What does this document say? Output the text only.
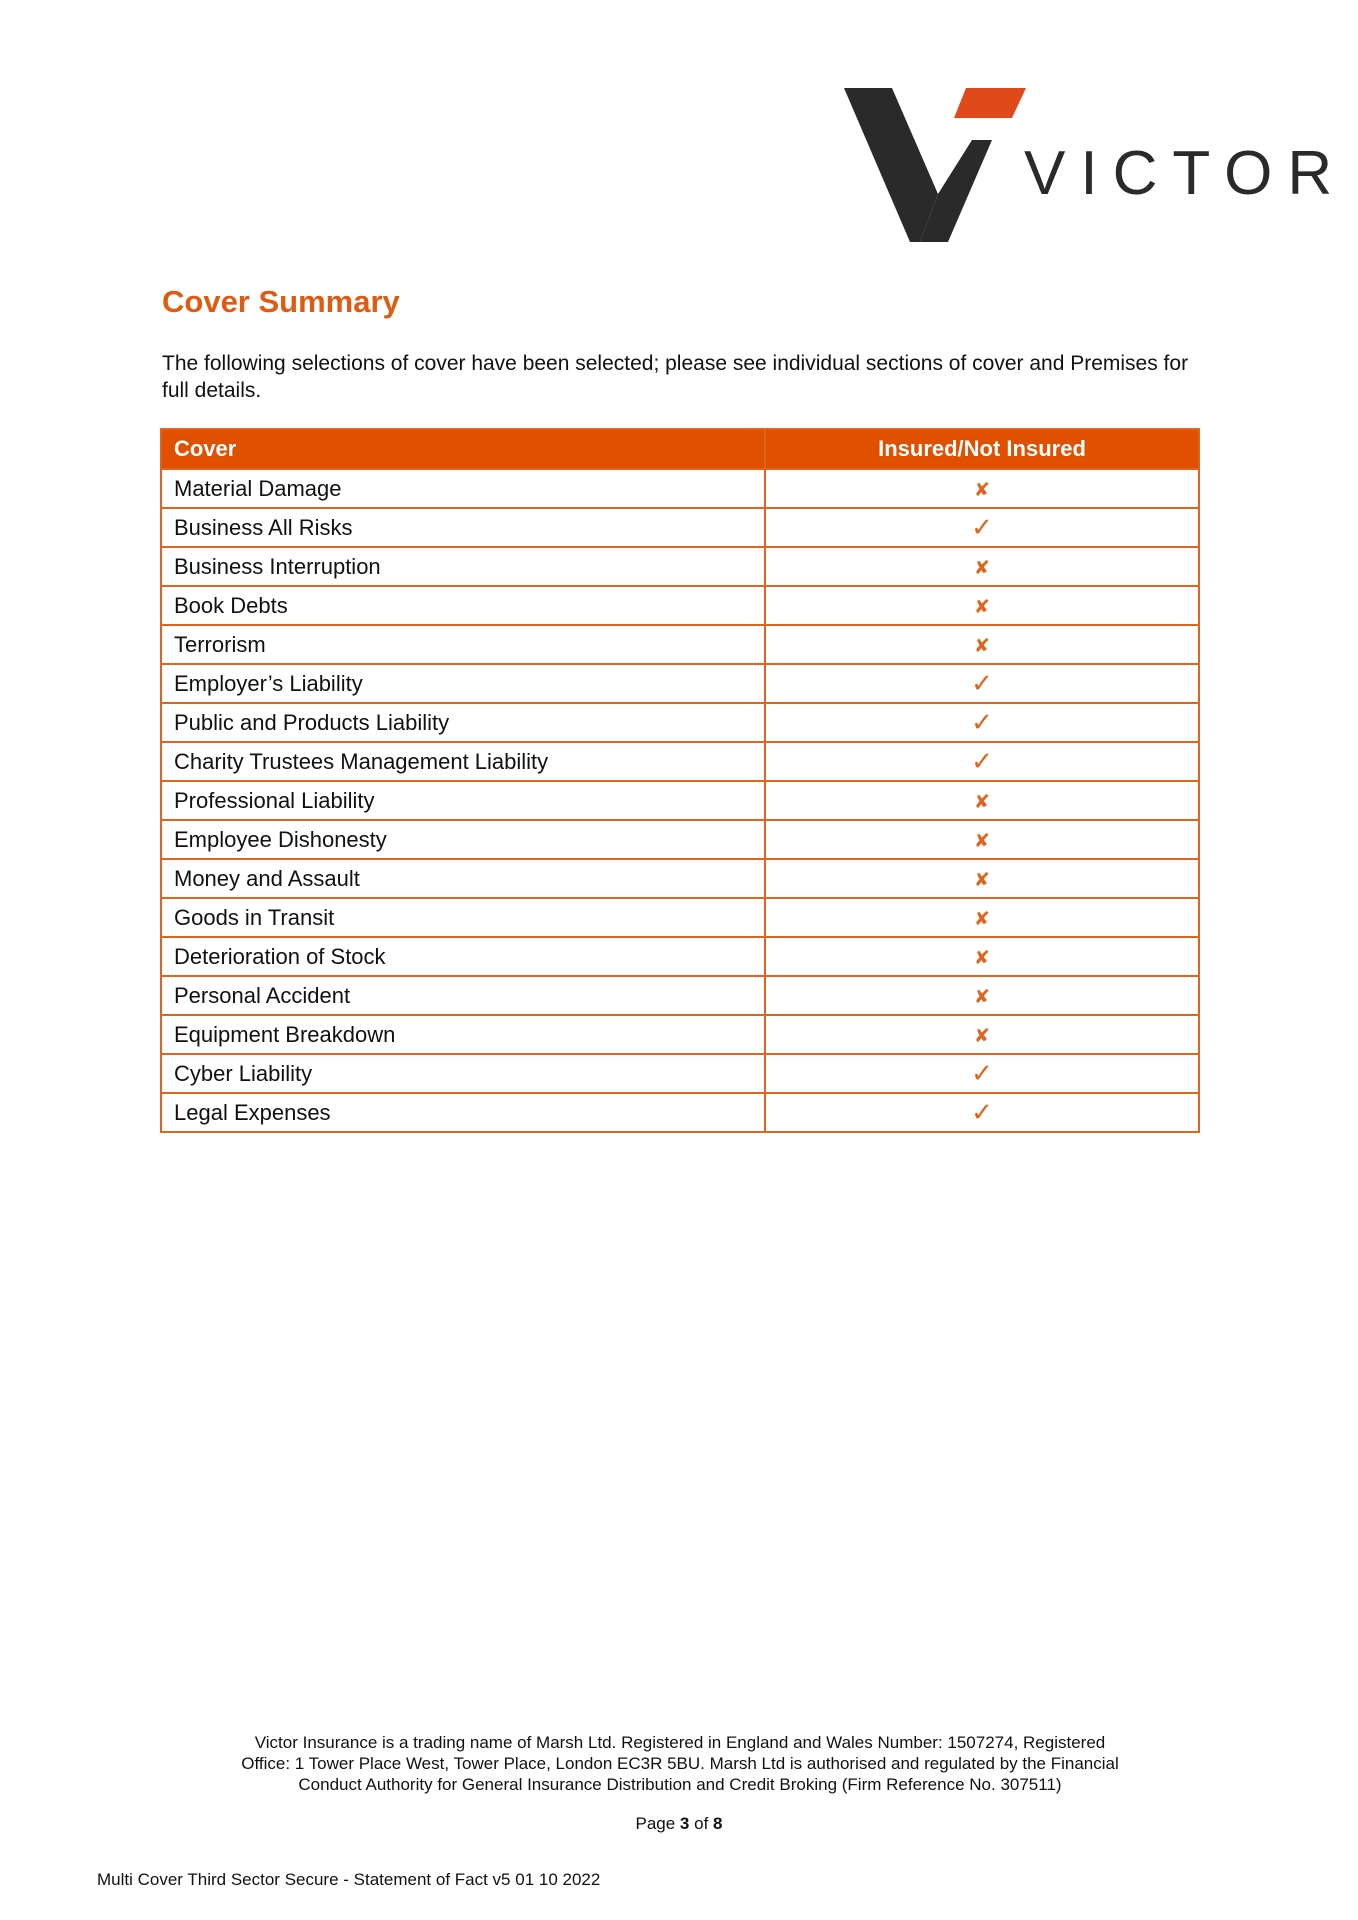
VICTOR
Cover Summary

The following selections of cover have been selected; please see individual sections of cover and Premises for full details.

Cover	Insured/Not Insured
Material Damage	✘
Business All Risks	✓
Business Interruption	✘
Book Debts	✘
Terrorism	✘
Employer’s Liability	✓
Public and Products Liability	✓
Charity Trustees Management Liability	✓
Professional Liability	✘
Employee Dishonesty	✘
Money and Assault	✘
Goods in Transit	✘
Deterioration of Stock	✘
Personal Accident	✘
Equipment Breakdown	✘
Cyber Liability	✓
Legal Expenses	✓
Victor Insurance is a trading name of Marsh Ltd. Registered in England and Wales Number: 1507274, Registered
Office: 1 Tower Place West, Tower Place, London EC3R 5BU. Marsh Ltd is authorised and regulated by the Financial
Conduct Authority for General Insurance Distribution and Credit Broking (Firm Reference No. 307511)

Page 3 of 8

Multi Cover Third Sector Secure - Statement of Fact v5 01 10 2022
